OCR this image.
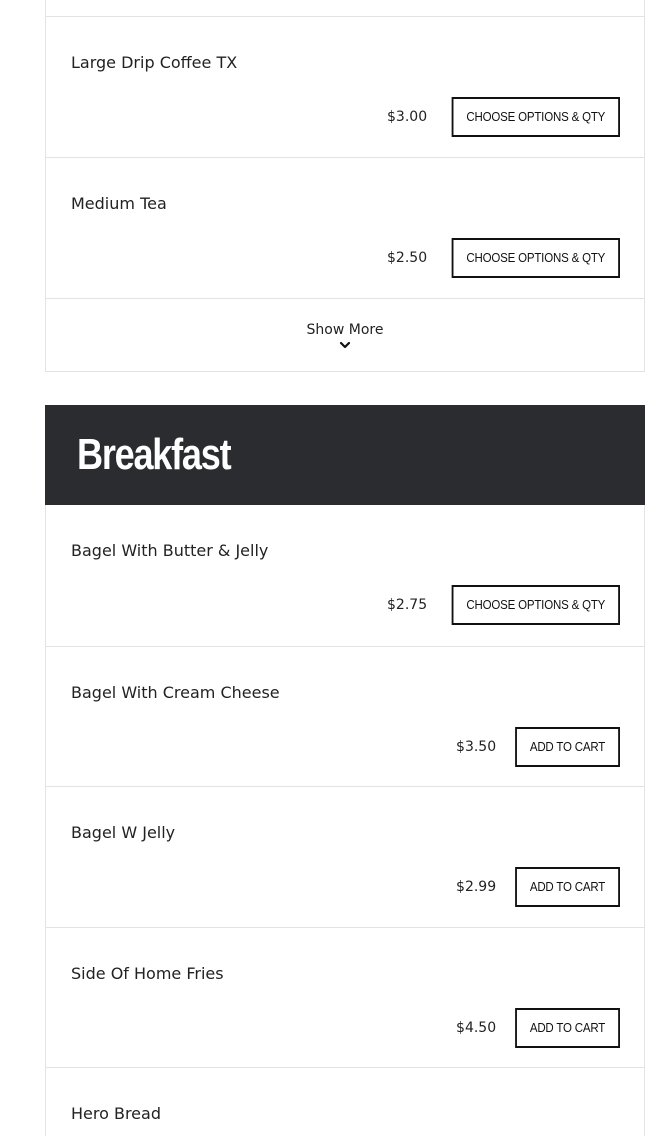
Large Drip Coffee TX
$3.00	CHOOSE OPTIONS & QTY
Medium Tea
$2.50	CHOOSE OPTIONS & QTY
Show More
Breakfast
Bagel With Butter & Jelly
$2.75	CHOOSE OPTIONS & QTY
Bagel With Cream Cheese
$3.50	ADD TO CART
Bagel W Jelly
$2.99	ADD TO CART
Side Of Home Fries
$4.50	ADD TO CART
Hero Bread
